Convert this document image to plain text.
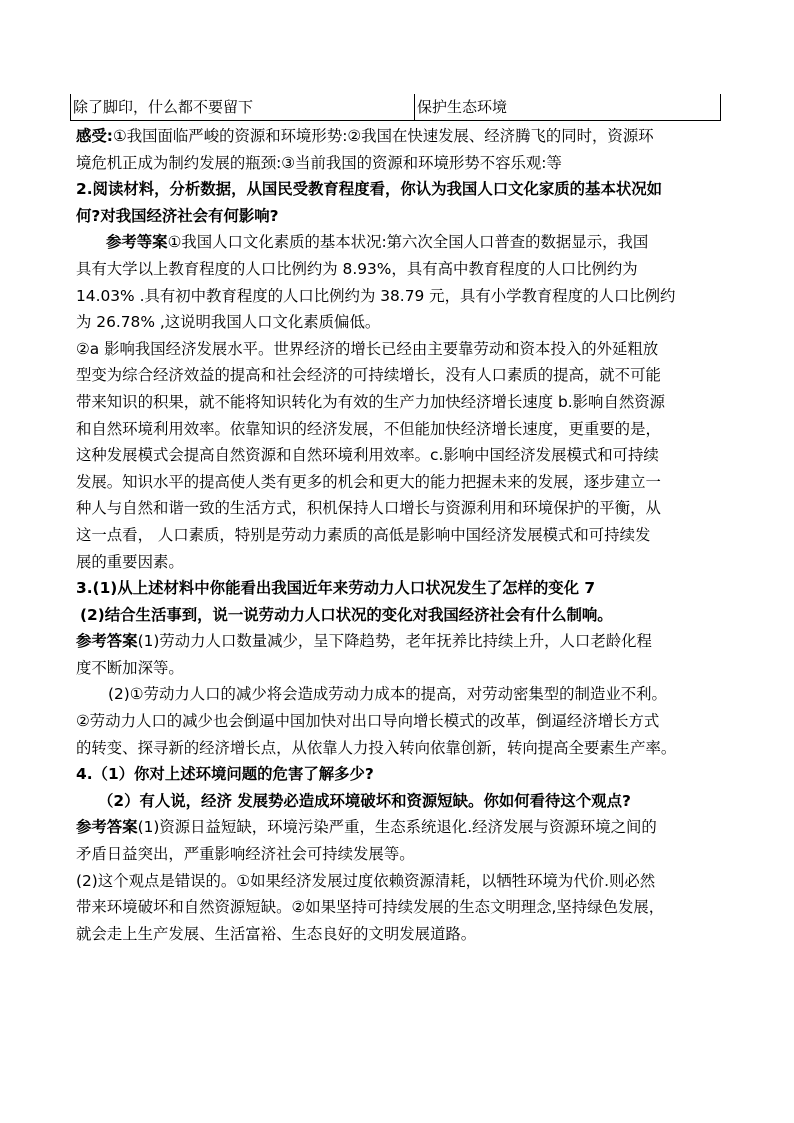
除了脚印，什么都不要留下	保护生态环境
感受:①我国面临严峻的资源和环境形势:②我国在快速发展、经济腾飞的同时，资源环
境危机正成为制约发展的瓶颈:③当前我国的资源和环境形势不容乐观:等
2.阅读材料，分析数据，从国民受教育程度看，你认为我国人口文化家质的基本状况如
何?对我国经济社会有何影响?
参考等案①我国人口文化素质的基本状况:第六次全国人口普查的数据显示，我国
具有大学以上教育程度的人口比例约为 8.93%，具有高中教育程度的人口比例约为
14.03% .具有初中教育程度的人口比例约为 38.79 元，具有小学教育程度的人口比例约
为 26.78% ,这说明我国人口文化素质偏低。
②a 影响我国经济发展水平。世界经济的增长已经由主要靠劳动和资本投入的外延粗放
型变为综合经济效益的提高和社会经济的可持续增长，没有人口素质的提高，就不可能
带来知识的积果，就不能将知识转化为有效的生产力加快经济增长速度 b.影响自然资源
和自然环境利用效率。依靠知识的经济发展，不但能加快经济增长速度，更重要的是，
这种发展模式会提高自然资源和自然环境利用效率。c.影响中国经济发展模式和可持续
发展。知识水平的提高使人类有更多的机会和更大的能力把握未来的发展，逐步建立一
种人与自然和谐一致的生活方式，积机保持人口增长与资源利用和环境保护的平衡，从
这一点看， 人口素质，特别是劳动力素质的高低是影响中国经济发展模式和可持续发
展的重要因素。
3.(1)从上述材料中你能看出我国近年来劳动力人口状况发生了怎样的变化 7
(2)结合生活事到，说一说劳动力人口状况的变化对我国经济社会有什么制响。
参考答案(1)劳动力人口数量减少，呈下降趋势，老年抚养比持续上升，人口老龄化程
度不断加深等。
(2)①劳动力人口的减少将会造成劳动力成本的提高，对劳动密集型的制造业不利。
②劳动力人口的减少也会倒逼中国加快对出口导向增长模式的改革，倒逼经济增长方式
的转变、探寻新的经济增长点，从依靠人力投入转向依靠创新，转向提高全要素生产率。
4.（1）你对上述环境问题的危害了解多少?
（2）有人说，经济 发展势必造成环境破坏和资源短缺。你如何看待这个观点?
参考答案(1)资源日益短缺，环境污染严重，生态系统退化.经济发展与资源环境之间的
矛盾日益突出，严重影响经济社会可持续发展等。
(2)这个观点是错误的。①如果经济发展过度依赖资源清耗，以牺牲环境为代价.则必然
带来环境破坏和自然资源短缺。②如果坚持可持续发展的生态文明理念,坚持绿色发展，
就会走上生产发展、生活富裕、生态良好的文明发展道路。
